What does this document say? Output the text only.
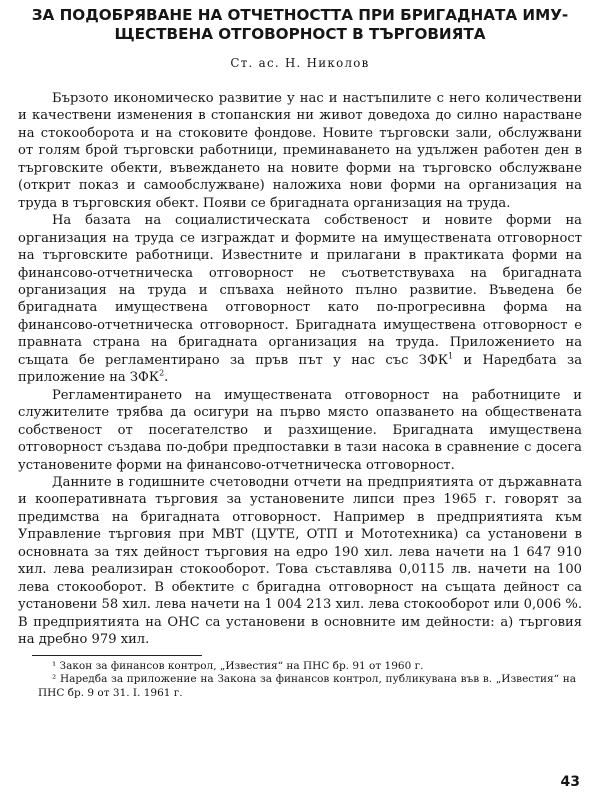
ЗА ПОДОБРЯВАНЕ НА ОТЧЕТНОСТТА ПРИ БРИГАДНАТА ИМУ-
ЩЕСТВЕНА ОТГОВОРНОСТ В ТЪРГОВИЯТА
Ст. ас. Н. Николов

Бързото икономическо развитие у нас и настъпилите с него количествени и качествени изменения в стопанския ни живот доведоха до силно нарастване на стокооборота и на стоковите фондове. Новите търговски зали, обслужвани от голям брой търговски работници, преминаването на удължен работен ден в търговските обекти, въвеждането на новите форми на търговско обслужване (открит показ и самообслужване) наложиха нови форми на организация на труда в търговския обект. Появи се бригадната организация на труда.

На базата на социалистическата собственост и новите форми на организация на труда се изграждат и формите на имуществената отговорност на търговските работници. Известните и прилагани в практиката форми на финансово-отчетническа отговорност не съответствуваха на бригадната организация на труда и спъваха нейното пълно развитие. Въведена бе бригадната имуществена отговорност като по-прогресивна форма на финансово-отчетническа отговорност. Бригадната имуществена отговорност е правната страна на бригадната организация на труда. Приложението на същата бе регламентирано за пръв път у нас със ЗФК$^1$ и Наредбата за приложение на ЗФК$^2$.

Регламентирането на имуществената отговорност на работниците и служителите трябва да осигури на първо място опазването на обществената собственост от посегателство и разхищение. Бригадната имуществена отговорност създава по-добри предпоставки в тази насока в сравнение с досега установените форми на финансово-отчетническа отговорност.

Данните в годишните счетоводни отчети на предприятията от държавната и кооперативната търговия за установените липси през 1965 г. говорят за предимства на бригадната отговорност. Например в предприятията към Управление търговия при МВТ (ЦУТЕ, ОТП и Мототехника) са установени в основната за тях дейност търговия на едро 190 хил. лева начети на 1 647 910 хил. лева реализиран стокооборот. Това съставлява 0,0115 лв. начети на 100 лева стокооборот. В обектите с бригадна отговорност на същата дейност са установени 58 хил. лева начети на 1 004 213 хил. лева стокооборот или 0,006 %. В предприятията на ОНС са установени в основните им дейности: а) търговия на дребно 979 хил.

¹ Закон за финансов контрол, „Известия“ на ПНС бр. 91 от 1960 г.

² Наредба за приложение на Закона за финансов контрол, публикувана във в. „Известия“ на ПНС бр. 9 от 31. I. 1961 г.

43
